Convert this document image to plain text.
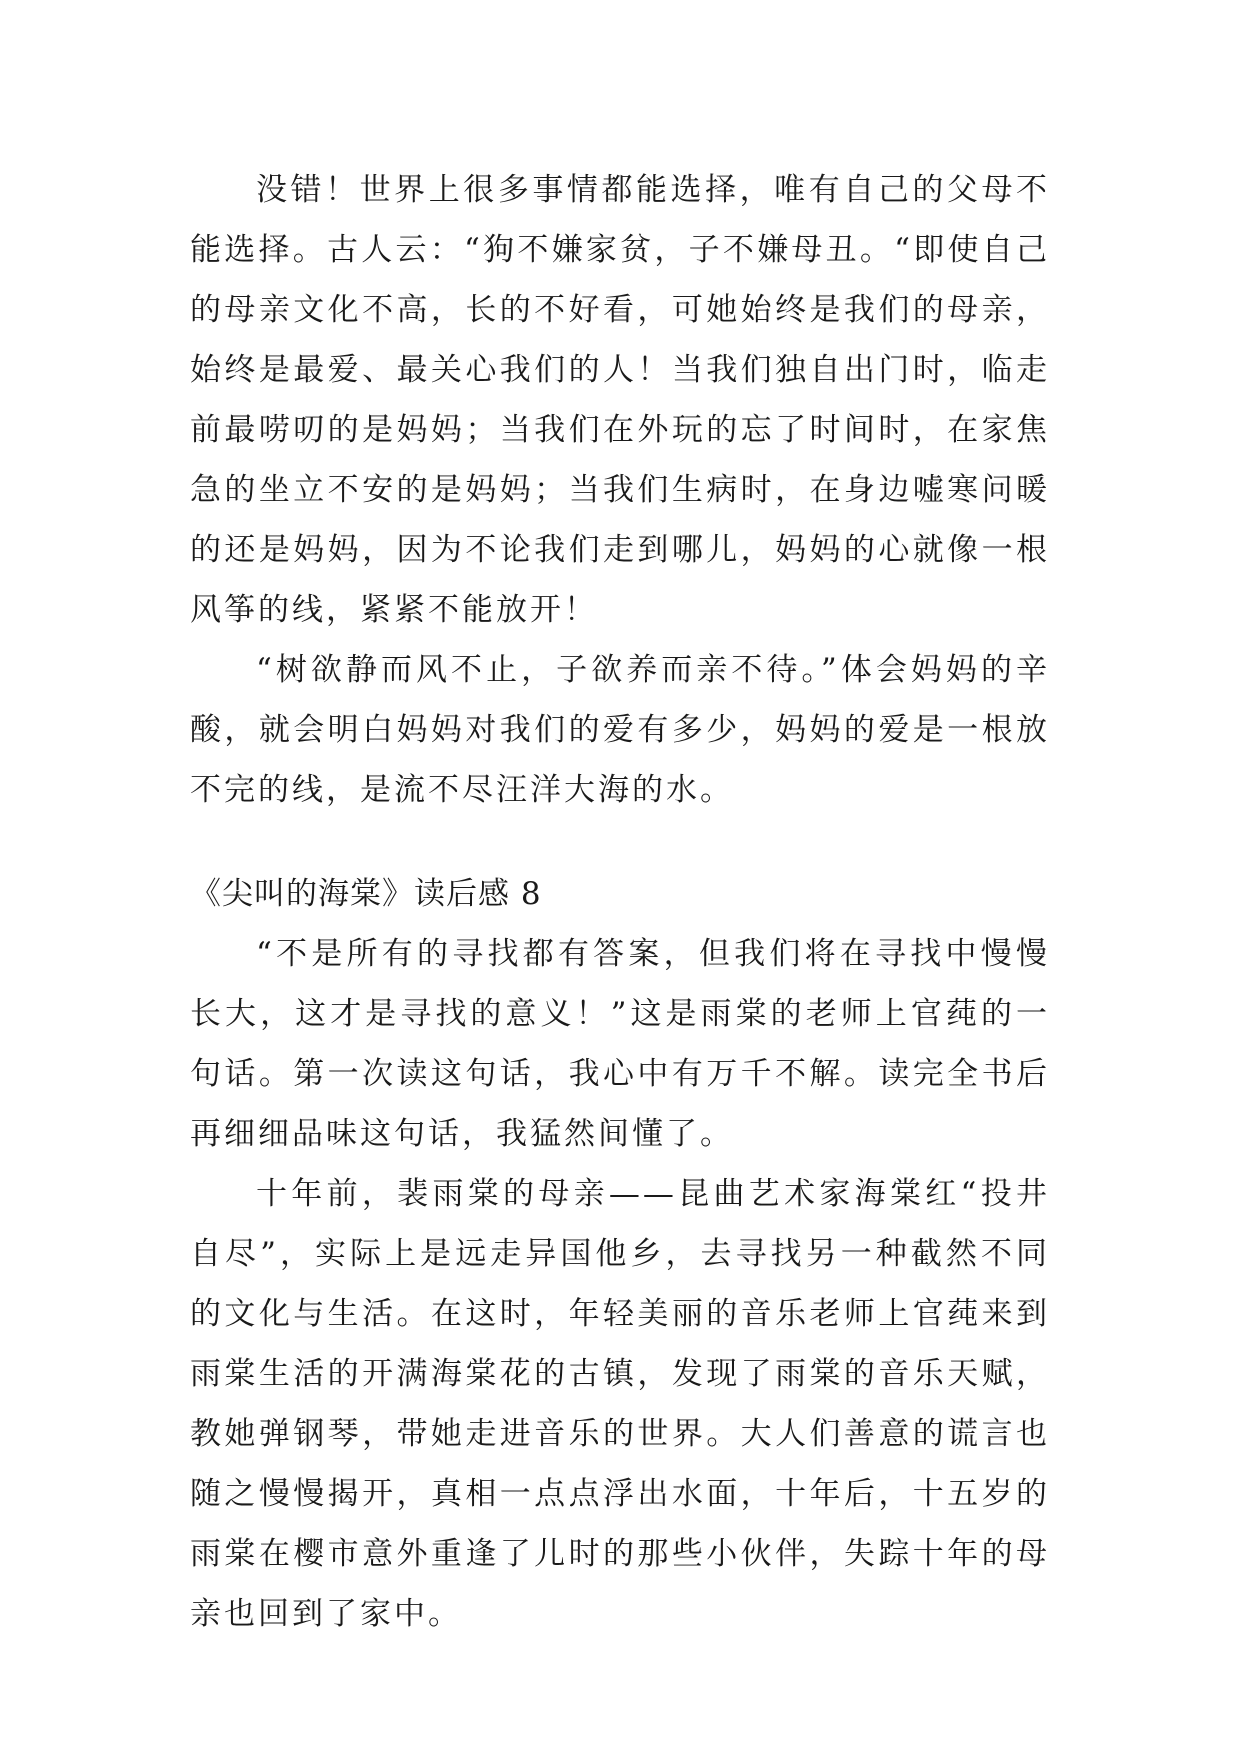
没错！世界上很多事情都能选择，唯有自己的父母不能选择。古人云：“狗不嫌家贫，子不嫌母丑。“即使自己的母亲文化不高，长的不好看，可她始终是我们的母亲，始终是最爱、最关心我们的人！当我们独自出门时，临走前最唠叨的是妈妈；当我们在外玩的忘了时间时，在家焦急的坐立不安的是妈妈；当我们生病时，在身边嘘寒问暖的还是妈妈，因为不论我们走到哪儿，妈妈的心就像一根风筝的线，紧紧不能放开！

“树欲静而风不止，子欲养而亲不待。”体会妈妈的辛酸，就会明白妈妈对我们的爱有多少，妈妈的爱是一根放不完的线，是流不尽汪洋大海的水。

《尖叫的海棠》读后感 8

“不是所有的寻找都有答案，但我们将在寻找中慢慢长大，这才是寻找的意义！”这是雨棠的老师上官莼的一句话。第一次读这句话，我心中有万千不解。读完全书后再细细品味这句话，我猛然间懂了。

十年前，裴雨棠的母亲——昆曲艺术家海棠红“投井自尽”，实际上是远走异国他乡，去寻找另一种截然不同的文化与生活。在这时，年轻美丽的音乐老师上官莼来到雨棠生活的开满海棠花的古镇，发现了雨棠的音乐天赋，教她弹钢琴，带她走进音乐的世界。大人们善意的谎言也随之慢慢揭开，真相一点点浮出水面，十年后，十五岁的雨棠在樱市意外重逢了儿时的那些小伙伴，失踪十年的母亲也回到了家中。
